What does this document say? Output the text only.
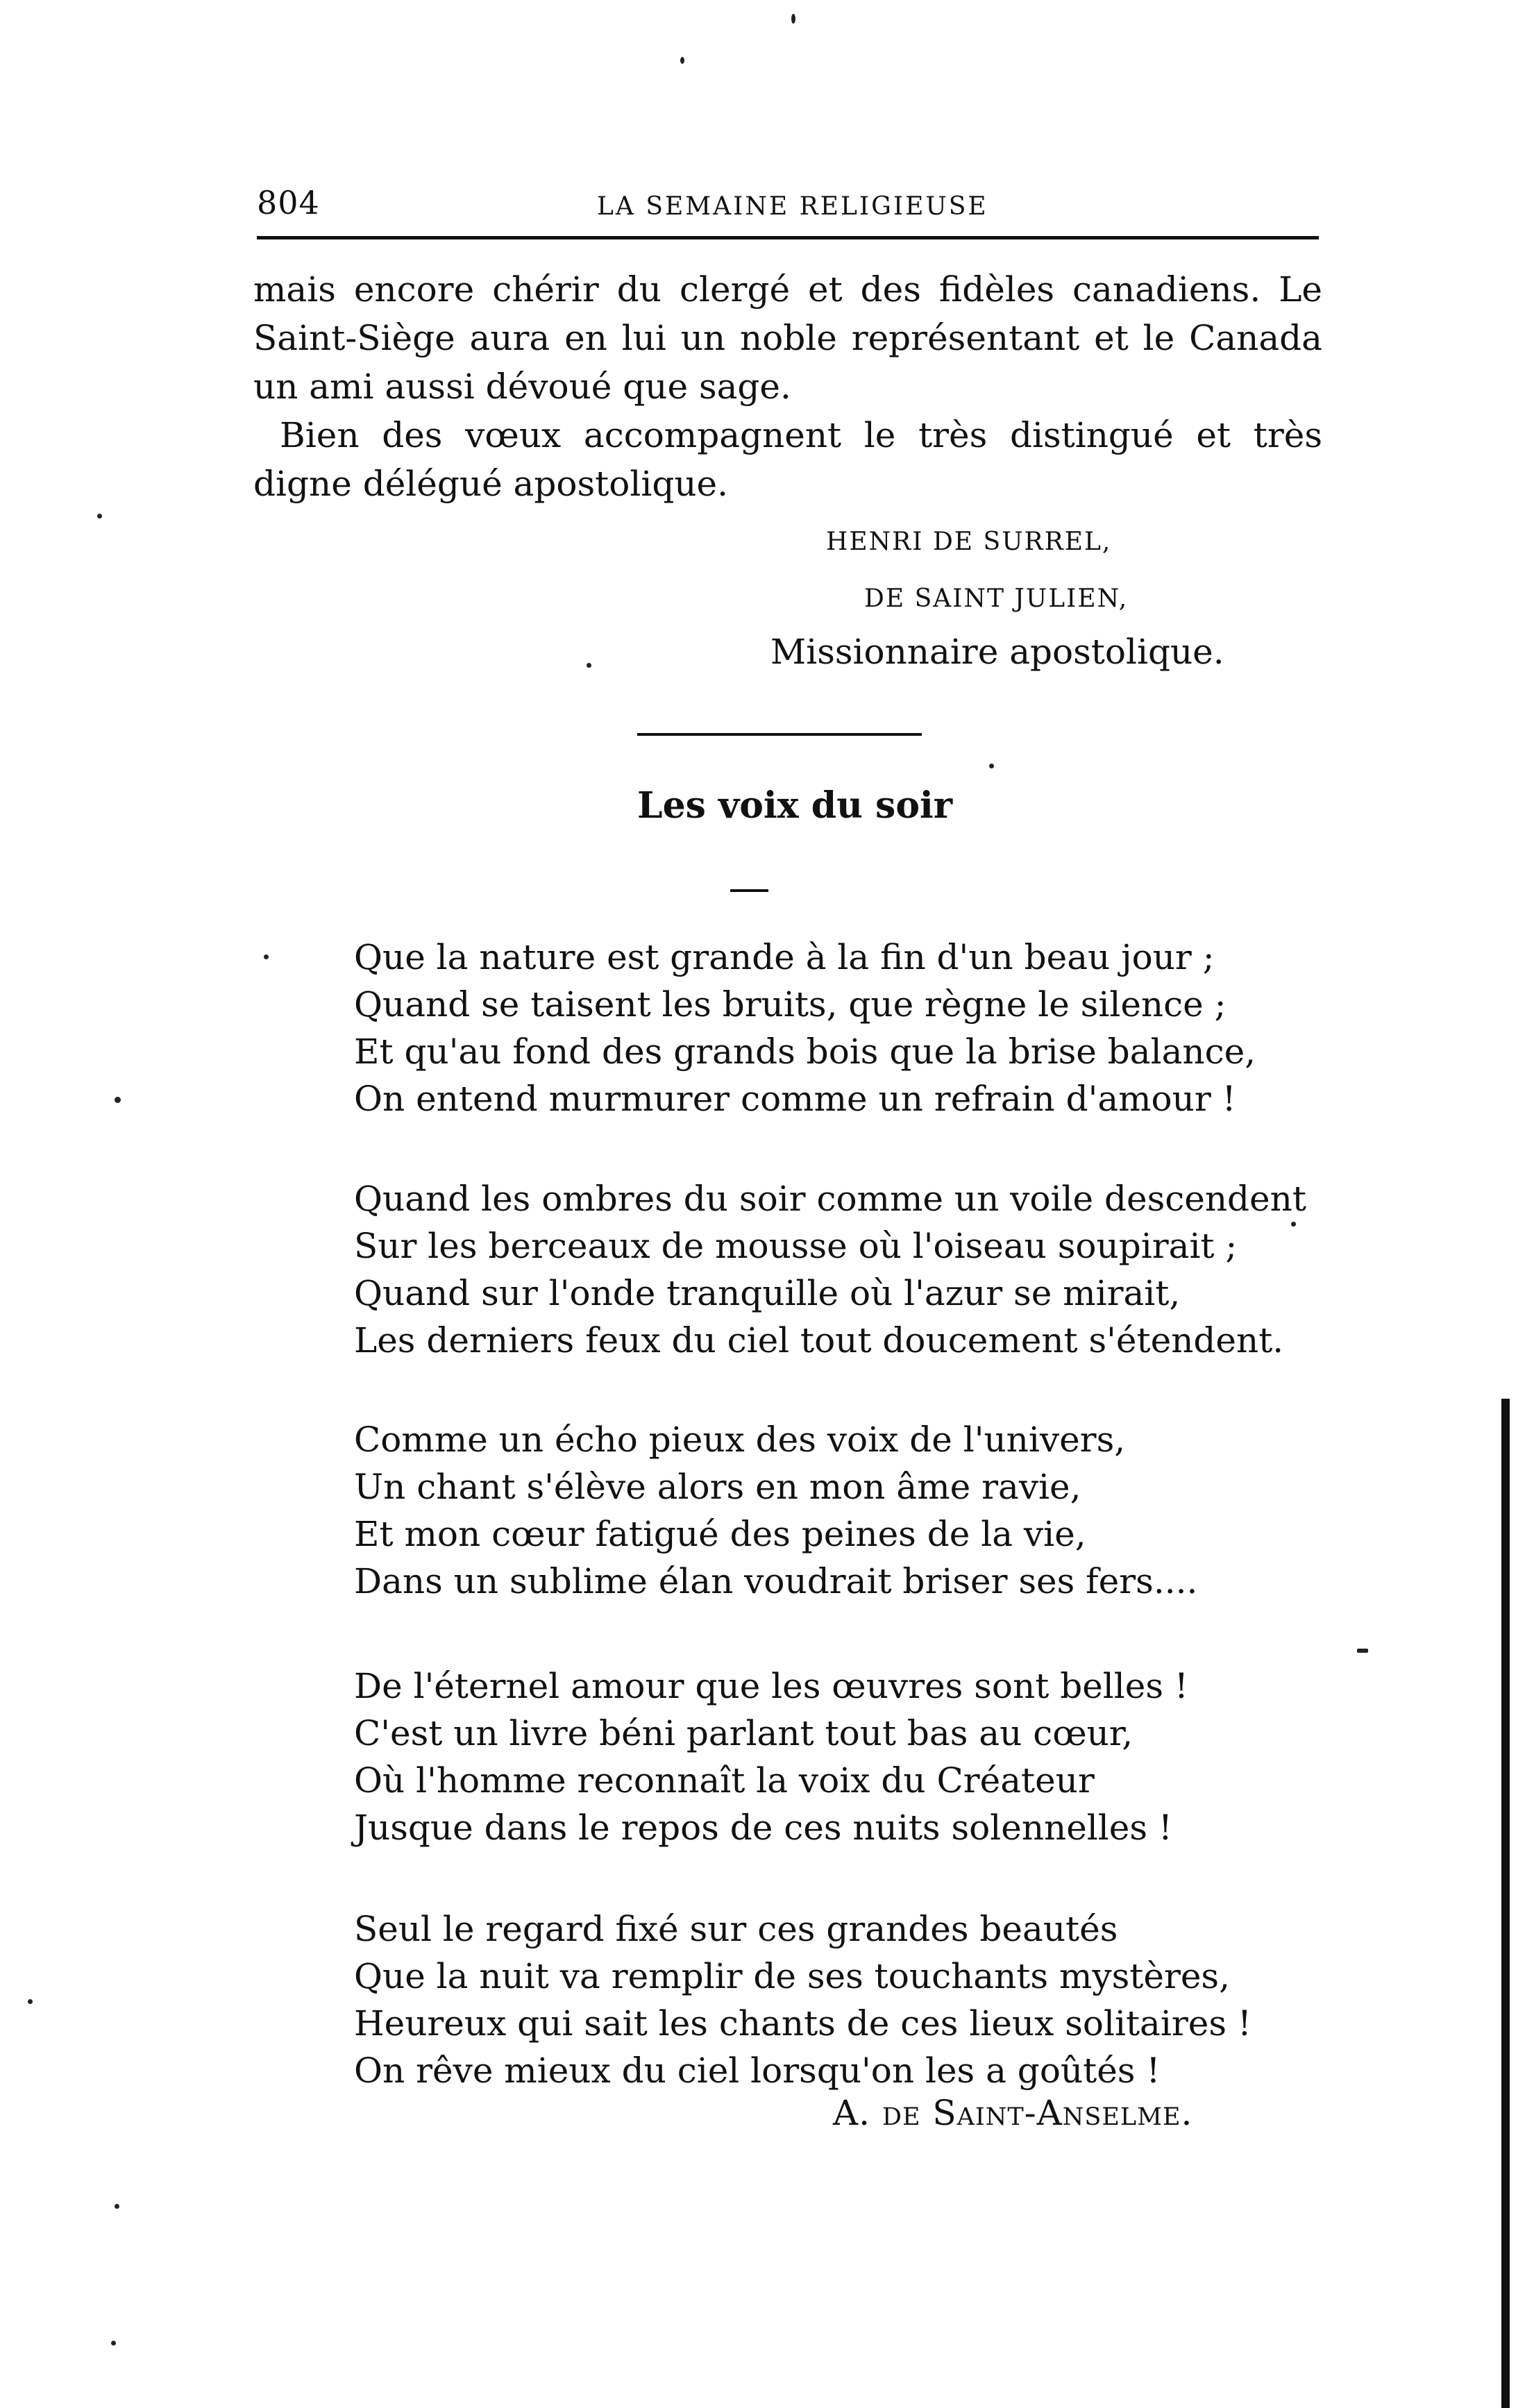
804	LA SEMAINE RELIGIEUSE

mais encore chérir du clergé et des fidèles canadiens. Le Saint-Siège aura en lui un noble représentant et le Canada un ami aussi dévoué que sage.

Bien des vœux accompagnent le très distingué et très digne délégué apostolique.

HENRI DE SURREL,
DE SAINT JULIEN,
Missionnaire apostolique.
Les voix du soir
Que la nature est grande à la fin d'un beau jour ;
Quand se taisent les bruits, que règne le silence ;
Et qu'au fond des grands bois que la brise balance,
On entend murmurer comme un refrain d'amour !
Quand les ombres du soir comme un voile descendent
Sur les berceaux de mousse où l'oiseau soupirait ;
Quand sur l'onde tranquille où l'azur se mirait,
Les derniers feux du ciel tout doucement s'étendent.
Comme un écho pieux des voix de l'univers,
Un chant s'élève alors en mon âme ravie,
Et mon cœur fatigué des peines de la vie,
Dans un sublime élan voudrait briser ses fers....
De l'éternel amour que les œuvres sont belles !
C'est un livre béni parlant tout bas au cœur,
Où l'homme reconnaît la voix du Créateur
Jusque dans le repos de ces nuits solennelles !
Seul le regard fixé sur ces grandes beautés
Que la nuit va remplir de ses touchants mystères,
Heureux qui sait les chants de ces lieux solitaires !
On rêve mieux du ciel lorsqu'on les a goûtés !
A. de Saint-Anselme.
